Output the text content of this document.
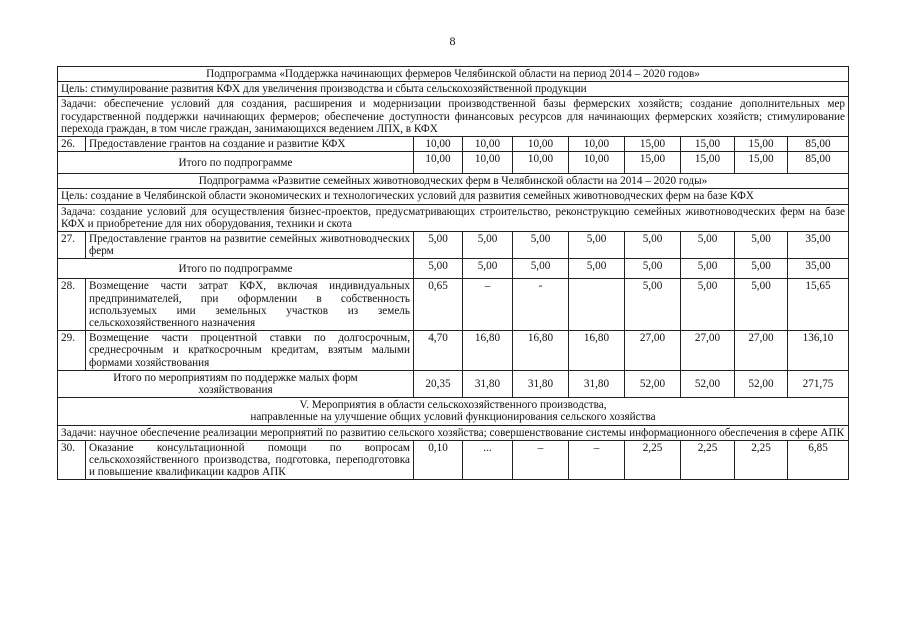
8
Подпрограмма «Поддержка начинающих фермеров Челябинской области на период 2014 – 2020 годов»									
Цель: стимулирование развития КФХ для увеличения производства и сбыта сельскохозяйственной продукции									
Задачи: обеспечение условий для создания, расширения и модернизации производственной базы фермерских хозяйств; создание дополнительных мер государственной поддержки начинающих фермеров; обеспечение доступности финансовых ресурсов для начинающих фермерских хозяйств; стимулирование перехода граждан, в том числе граждан, занимающихся ведением ЛПХ, в КФХ									
26.	Предоставление грантов на создание и развитие КФХ	10,00	10,00	10,00	10,00	15,00	15,00	15,00	85,00
Итого по подпрограмме		10,00	10,00	10,00	10,00	15,00	15,00	15,00	85,00
Подпрограмма «Развитие семейных животноводческих ферм в Челябинской области на 2014 – 2020 годы»									
Цель: создание в Челябинской области экономических и технологических условий для развития семейных животноводческих ферм на базе КФХ									
Задача: создание условий для осуществления бизнес-проектов, предусматривающих строительство, реконструкцию семейных животноводческих ферм на базе КФХ и приобретение для них оборудования, техники и скота									
27.	Предоставление грантов на развитие семейных животноводческих ферм	5,00	5,00	5,00	5,00	5,00	5,00	5,00	35,00
Итого по подпрограмме		5,00	5,00	5,00	5,00	5,00	5,00	5,00	35,00
28.	Возмещение части затрат КФХ, включая индивидуальных предпринимателей, при оформлении в собственность используемых ими земельных участков из земель сельскохозяйственного назначения	0,65	–	-		5,00	5,00	5,00	15,65
29.	Возмещение части процентной ставки по долгосрочным, среднесрочным и краткосрочным кредитам, взятым малыми формами хозяйствования	4,70	16,80	16,80	16,80	27,00	27,00	27,00	136,10

Итого по мероприятиям по поддержке малых форм
хозяйствования		20,35	31,80	31,80	31,80	52,00	52,00	52,00	271,75

V. Мероприятия в области сельскохозяйственного производства,
направленные на улучшение общих условий функционирования сельского хозяйства									

Задачи: научное обеспечение реализации мероприятий по развитию сельского хозяйства; совершенствование системы информационного обеспечения в сфере АПК									
30.	Оказание консультационной помощи по вопросам сельскохозяйственного производства, подготовка, переподготовка и повышение квалификации кадров АПК	0,10	...	–	–	2,25	2,25	2,25	6,85
